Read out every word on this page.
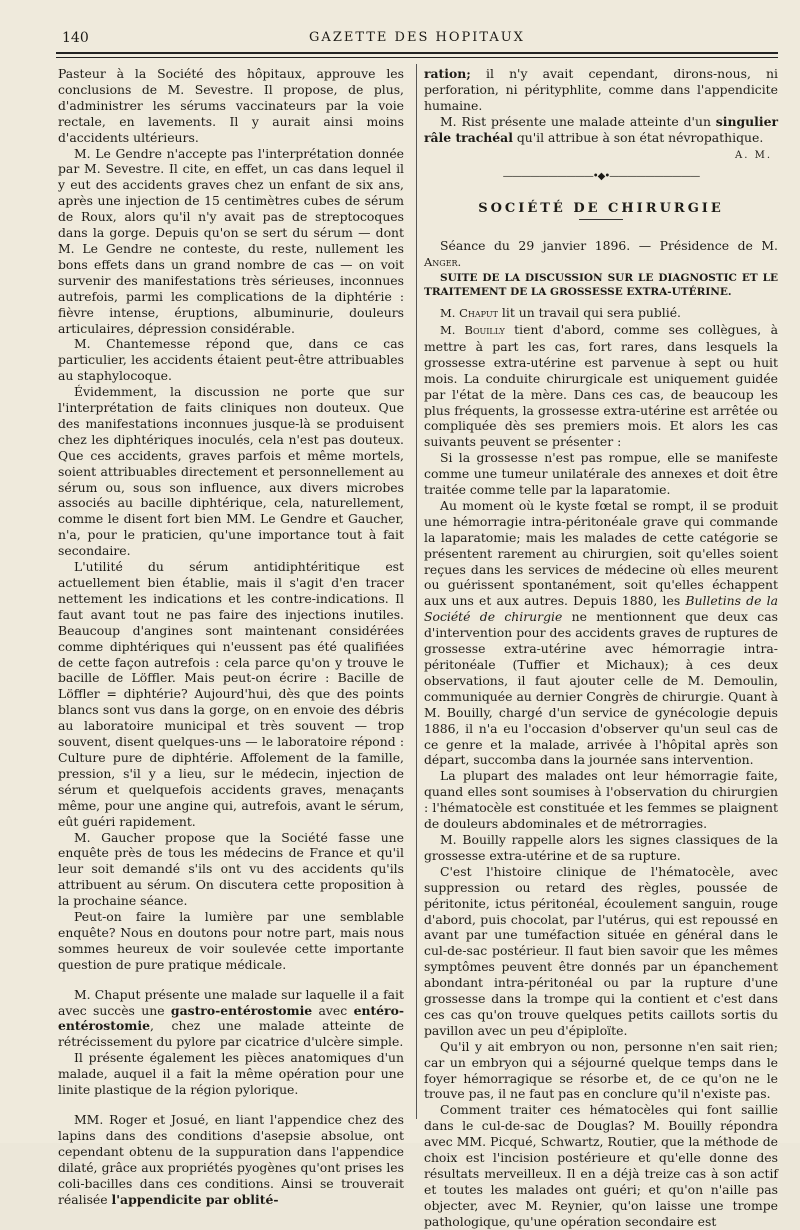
140	GAZETTE DES HOPITAUX

Pasteur à la Société des hôpitaux, approuve les conclusions de M. Sevestre. Il propose, de plus, d'administrer les sérums vaccinateurs par la voie rectale, en lavements. Il y aurait ainsi moins d'accidents ultérieurs.

M. Le Gendre n'accepte pas l'interprétation donnée par M. Sevestre. Il cite, en effet, un cas dans lequel il y eut des accidents graves chez un enfant de six ans, après une injection de 15 centimètres cubes de sérum de Roux, alors qu'il n'y avait pas de streptocoques dans la gorge. Depuis qu'on se sert du sérum — dont M. Le Gendre ne conteste, du reste, nullement les bons effets dans un grand nombre de cas — on voit survenir des manifestations très sérieuses, inconnues autrefois, parmi les complications de la diphtérie : fièvre intense, éruptions, albuminurie, douleurs articulaires, dépression considérable.

M. Chantemesse répond que, dans ce cas particulier, les accidents étaient peut-être attribuables au staphylocoque.

Évidemment, la discussion ne porte que sur l'interprétation de faits cliniques non douteux. Que des manifestations inconnues jusque-là se produisent chez les diphtériques inoculés, cela n'est pas douteux. Que ces accidents, graves parfois et même mortels, soient attribuables directement et personnellement au sérum ou, sous son influence, aux divers microbes associés au bacille diphtérique, cela, naturellement, comme le disent fort bien MM. Le Gendre et Gaucher, n'a, pour le praticien, qu'une importance tout à fait secondaire.

L'utilité du sérum antidiphtéritique est actuellement bien établie, mais il s'agit d'en tracer nettement les indications et les contre-indications. Il faut avant tout ne pas faire des injections inutiles. Beaucoup d'angines sont maintenant considérées comme diphtériques qui n'eussent pas été qualifiées de cette façon autrefois : cela parce qu'on y trouve le bacille de Löffler. Mais peut-on écrire : Bacille de Löffler = diphtérie? Aujourd'hui, dès que des points blancs sont vus dans la gorge, on en envoie des débris au laboratoire municipal et très souvent — trop souvent, disent quelques-uns — le laboratoire répond : Culture pure de diphtérie. Affolement de la famille, pression, s'il y a lieu, sur le médecin, injection de sérum et quelquefois accidents graves, menaçants même, pour une angine qui, autrefois, avant le sérum, eût guéri rapidement.

M. Gaucher propose que la Société fasse une enquête près de tous les médecins de France et qu'il leur soit demandé s'ils ont vu des accidents qu'ils attribuent au sérum. On discutera cette proposition à la prochaine séance.

Peut-on faire la lumière par une semblable enquête? Nous en doutons pour notre part, mais nous sommes heureux de voir soulevée cette importante question de pure pratique médicale.

M. Chaput présente une malade sur laquelle il a fait avec succès une gastro-entérostomie avec entéro-entérostomie, chez une malade atteinte de rétrécissement du pylore par cicatrice d'ulcère simple.

Il présente également les pièces anatomiques d'un malade, auquel il a fait la même opération pour une linite plastique de la région pylorique.

MM. Roger et Josué, en liant l'appendice chez des lapins dans des conditions d'asepsie absolue, ont cependant obtenu de la suppuration dans l'appendice dilaté, grâce aux propriétés pyogènes qu'ont prises les coli-bacilles dans ces conditions. Ainsi se trouverait réalisée l'appendicite par oblité-

ration; il n'y avait cependant, dirons-nous, ni perforation, ni pérityphlite, comme dans l'appendicite humaine.

M. Rist présente une malade atteinte d'un singulier râle trachéal qu'il attribue à son état névropathique.

A. M.
——————————•◆•——————————
SOCIÉTÉ DE CHIRURGIE

Séance du 29 janvier 1896. — Présidence de M. Anger.

SUITE DE LA DISCUSSION SUR LE DIAGNOSTIC ET LE TRAITEMENT DE LA GROSSESSE EXTRA-UTÉRINE.

M. Chaput lit un travail qui sera publié.

M. Bouilly tient d'abord, comme ses collègues, à mettre à part les cas, fort rares, dans lesquels la grossesse extra-utérine est parvenue à sept ou huit mois. La conduite chirurgicale est uniquement guidée par l'état de la mère. Dans ces cas, de beaucoup les plus fréquents, la grossesse extra-utérine est arrêtée ou compliquée dès ses premiers mois. Et alors les cas suivants peuvent se présenter :

Si la grossesse n'est pas rompue, elle se manifeste comme une tumeur unilatérale des annexes et doit être traitée comme telle par la laparatomie.

Au moment où le kyste fœtal se rompt, il se produit une hémorragie intra-péritonéale grave qui commande la laparatomie; mais les malades de cette catégorie se présentent rarement au chirurgien, soit qu'elles soient reçues dans les services de médecine où elles meurent ou guérissent spontanément, soit qu'elles échappent aux uns et aux autres. Depuis 1880, les Bulletins de la Société de chirurgie ne mentionnent que deux cas d'intervention pour des accidents graves de ruptures de grossesse extra-utérine avec hémorragie intra-péritonéale (Tuffier et Michaux); à ces deux observations, il faut ajouter celle de M. Demoulin, communiquée au dernier Congrès de chirurgie. Quant à M. Bouilly, chargé d'un service de gynécologie depuis 1886, il n'a eu l'occasion d'observer qu'un seul cas de ce genre et la malade, arrivée à l'hôpital après son départ, succomba dans la journée sans intervention.

La plupart des malades ont leur hémorragie faite, quand elles sont soumises à l'observation du chirurgien : l'hématocèle est constituée et les femmes se plaignent de douleurs abdominales et de métrorragies.

M. Bouilly rappelle alors les signes classiques de la grossesse extra-utérine et de sa rupture.

C'est l'histoire clinique de l'hématocèle, avec suppression ou retard des règles, poussée de péritonite, ictus péritonéal, écoulement sanguin, rouge d'abord, puis chocolat, par l'utérus, qui est repoussé en avant par une tuméfaction située en général dans le cul-de-sac postérieur. Il faut bien savoir que les mêmes symptômes peuvent être donnés par un épanchement abondant intra-péritonéal ou par la rupture d'une grossesse dans la trompe qui la contient et c'est dans ces cas qu'on trouve quelques petits caillots sortis du pavillon avec un peu d'épiploïte.

Qu'il y ait embryon ou non, personne n'en sait rien; car un embryon qui a séjourné quelque temps dans le foyer hémorragique se résorbe et, de ce qu'on ne le trouve pas, il ne faut pas en conclure qu'il n'existe pas.

Comment traiter ces hématocèles qui font saillie dans le cul-de-sac de Douglas? M. Bouilly répondra avec MM. Picqué, Schwartz, Routier, que la méthode de choix est l'incision postérieure et qu'elle donne des résultats merveilleux. Il en a déjà treize cas à son actif et toutes les malades ont guéri; et qu'on n'aille pas objecter, avec M. Reynier, qu'on laisse une trompe pathologique, qu'une opération secondaire est
